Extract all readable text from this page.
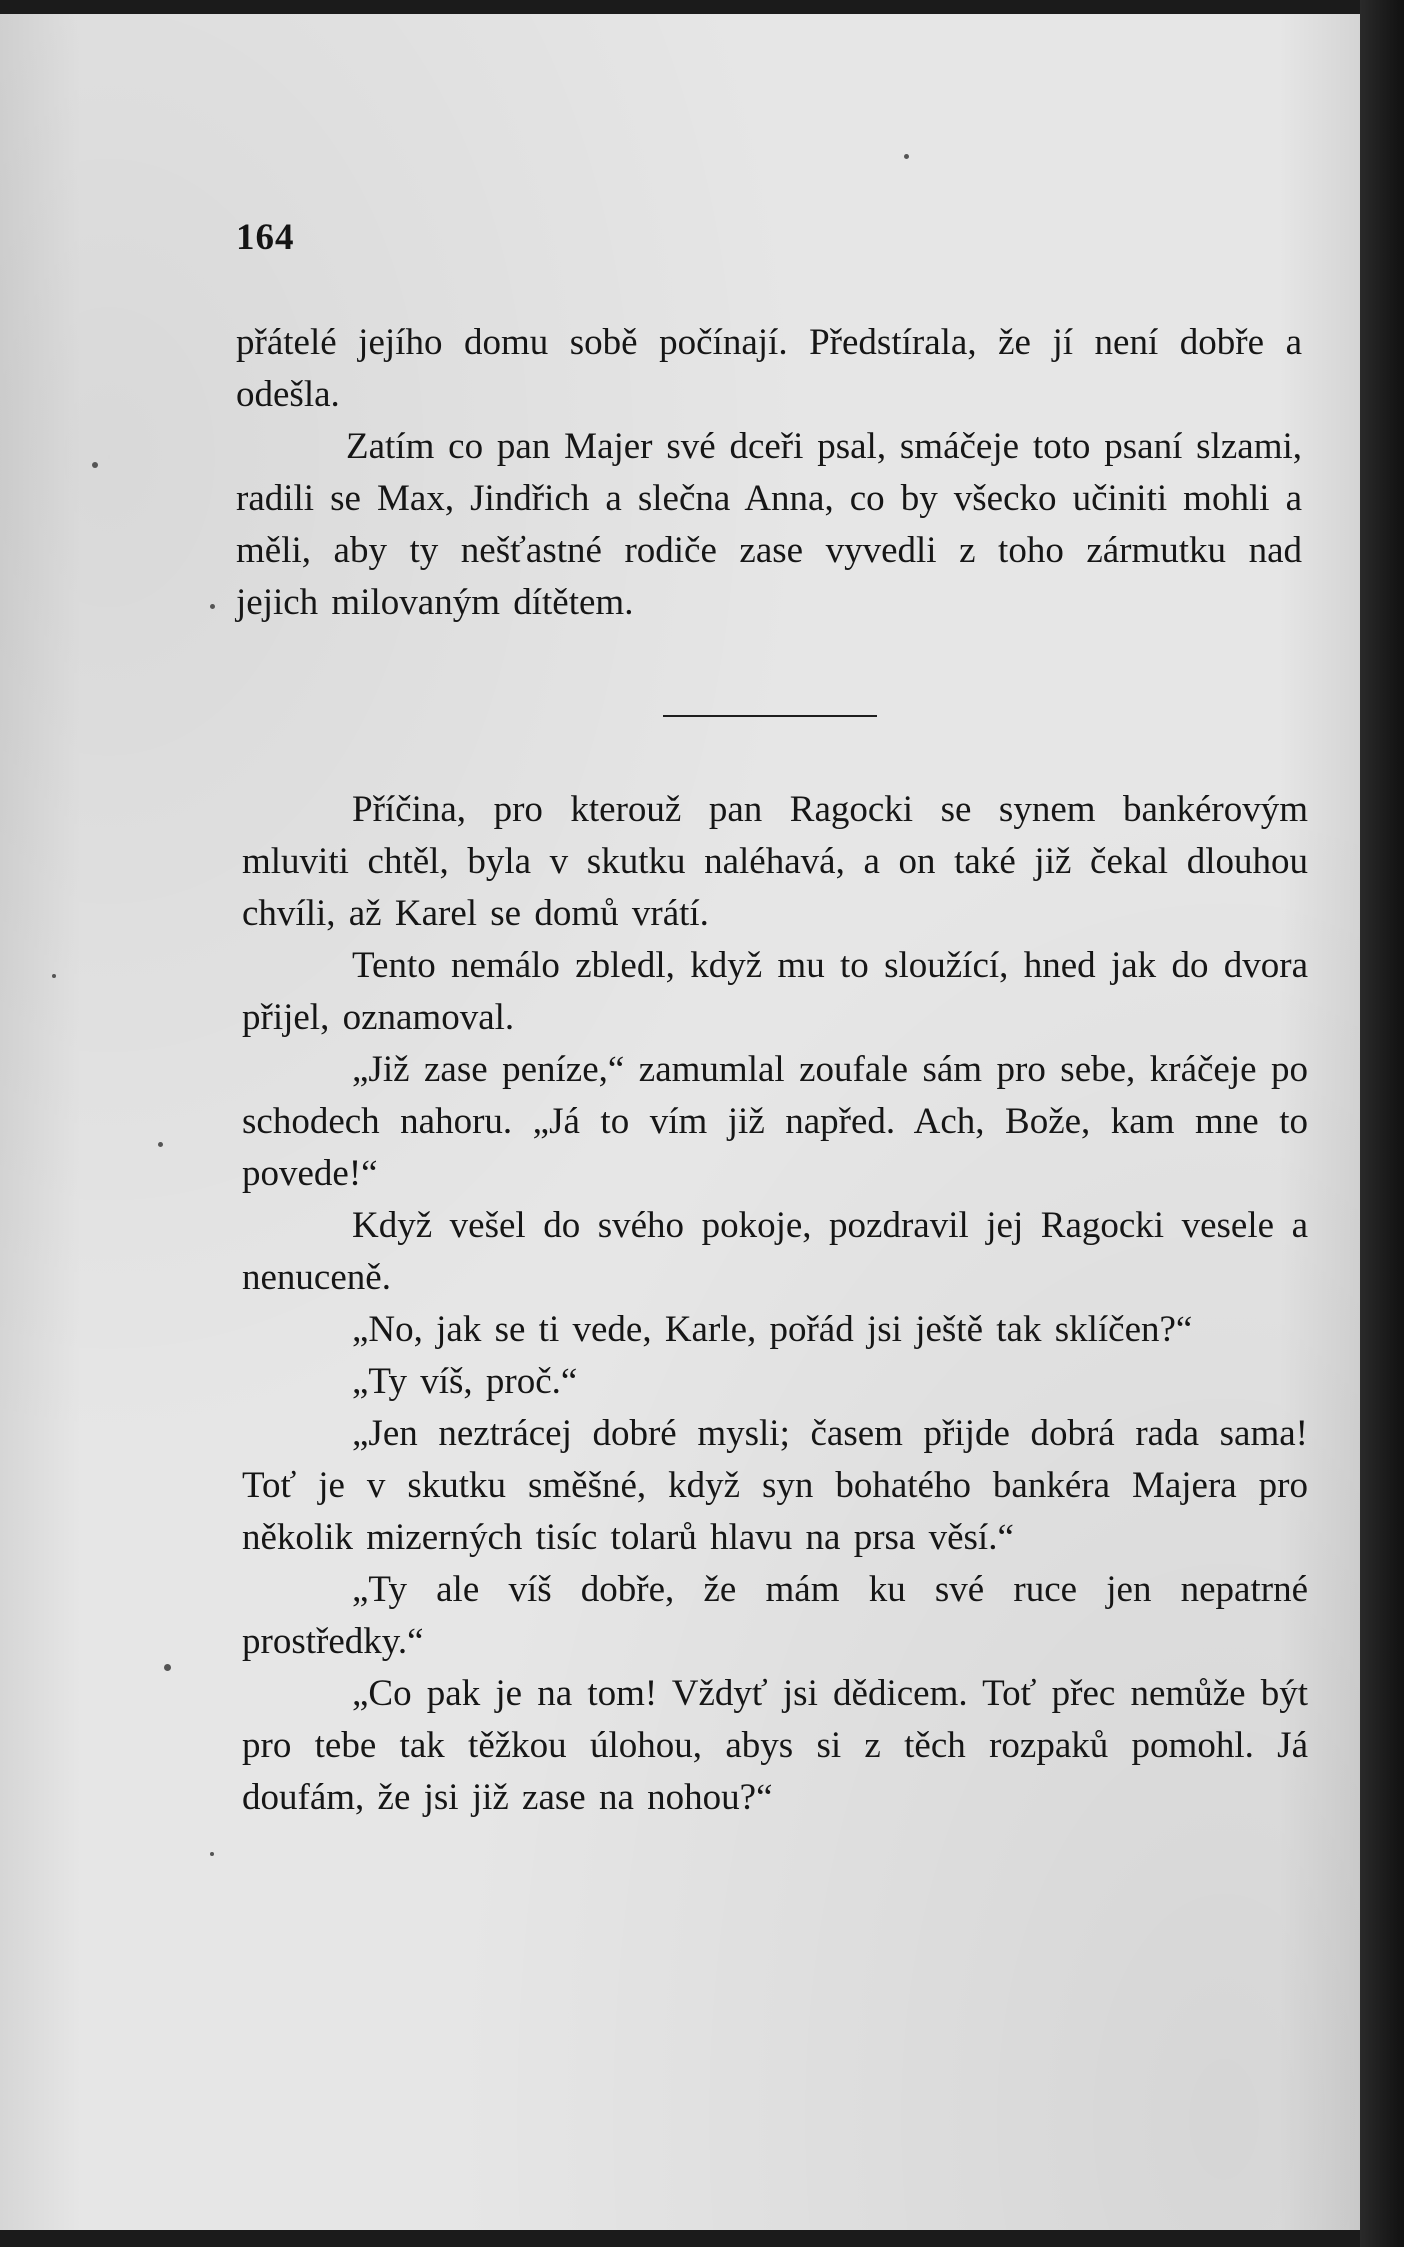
164

přátelé jejího domu sobě počínají. Předstírala, že jí není dobře a odešla.

Zatím co pan Majer své dceři psal, smáčeje toto psaní slzami, radili se Max, Jindřich a slečna Anna, co by všecko učiniti mohli a měli, aby ty nešťastné rodiče zase vyvedli z toho zármutku nad jejich milovaným dítětem.

Příčina, pro kterouž pan Ragocki se synem bankérovým mluviti chtěl, byla v skutku naléhavá, a on také již čekal dlouhou chvíli, až Karel se domů vrátí.

Tento nemálo zbledl, když mu to sloužící, hned jak do dvora přijel, oznamoval.

„Již zase peníze,“ zamumlal zoufale sám pro sebe, kráčeje po schodech nahoru. „Já to vím již napřed. Ach, Bože, kam mne to povede!“

Když vešel do svého pokoje, pozdravil jej Ragocki vesele a nenuceně.

„No, jak se ti vede, Karle, pořád jsi ještě tak sklíčen?“

„Ty víš, proč.“

„Jen neztrácej dobré mysli; časem přijde dobrá rada sama! Toť je v skutku směšné, když syn bohatého bankéra Majera pro několik mizerných tisíc tolarů hlavu na prsa věsí.“

„Ty ale víš dobře, že mám ku své ruce jen nepatrné prostředky.“

„Co pak je na tom! Vždyť jsi dědicem. Toť přec nemůže být pro tebe tak těžkou úlohou, abys si z těch rozpaků pomohl. Já doufám, že jsi již zase na nohou?“
